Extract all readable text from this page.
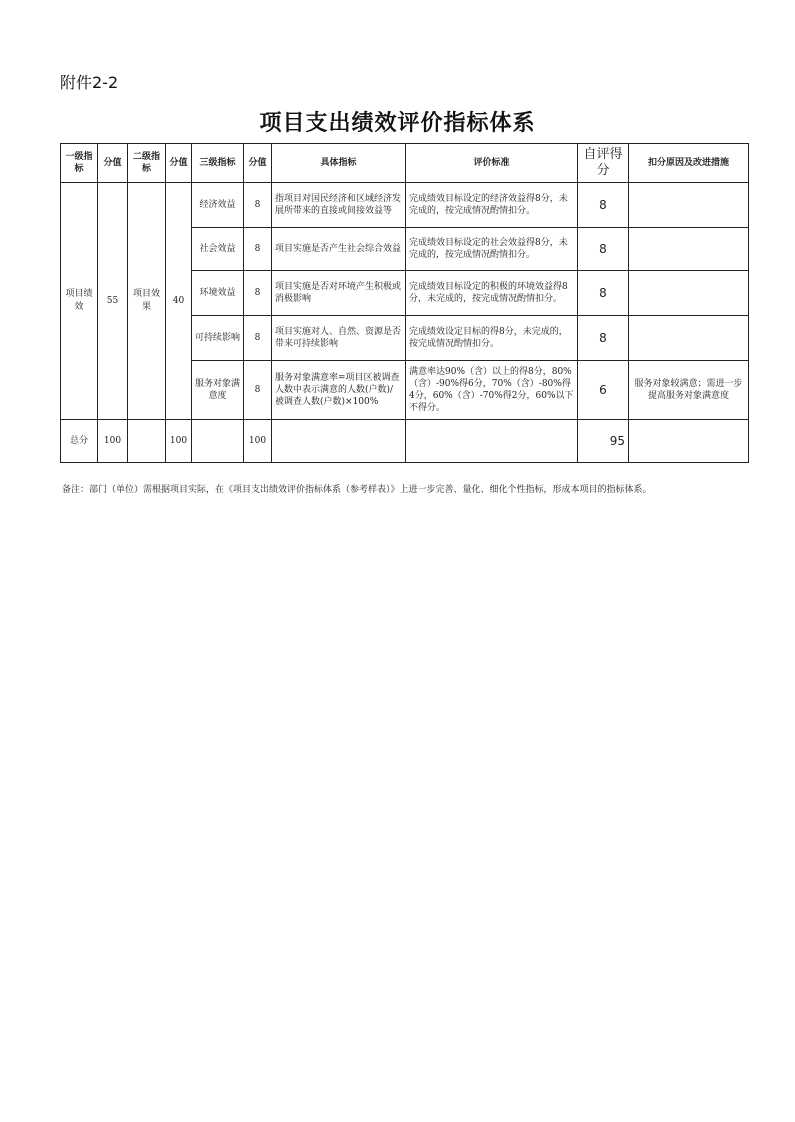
附件2-2
项目支出绩效评价指标体系
一级指标	分值	二级指标	分值	三级指标	分值	具体指标	评价标准	自评得分	扣分原因及改进措施
项目绩效	55	项目效果	40	经济效益	8	指项目对国民经济和区域经济发展所带来的直接或间接效益等	完成绩效目标设定的经济效益得8分，未完成的，按完成情况酌情扣分。	8	
				社会效益	8	项目实施是否产生社会综合效益	完成绩效目标设定的社会效益得8分，未完成的，按完成情况酌情扣分。	8	
				环境效益	8	项目实施是否对环境产生积极或消极影响	完成绩效目标设定的积极的环境效益得8分，未完成的，按完成情况酌情扣分。	8	
				可持续影响	8	项目实施对人、自然、资源是否带来可持续影响	完成绩效设定目标的得8分，未完成的，按完成情况酌情扣分。	8	
				服务对象满意度	8	服务对象满意率=项目区被调查人数中表示满意的人数(户数)/被调查人数(户数)×100%	满意率达90%（含）以上的得8分，80%（含）-90%得6分，70%（含）-80%得4分，60%（含）-70%得2分，60%以下不得分。	6	服务对象较满意；需进一步提高服务对象满意度
总分	100		100		100			95	
备注：部门（单位）需根据项目实际，在《项目支出绩效评价指标体系（参考样表）》上进一步完善、量化、细化个性指标，形成本项目的指标体系。
